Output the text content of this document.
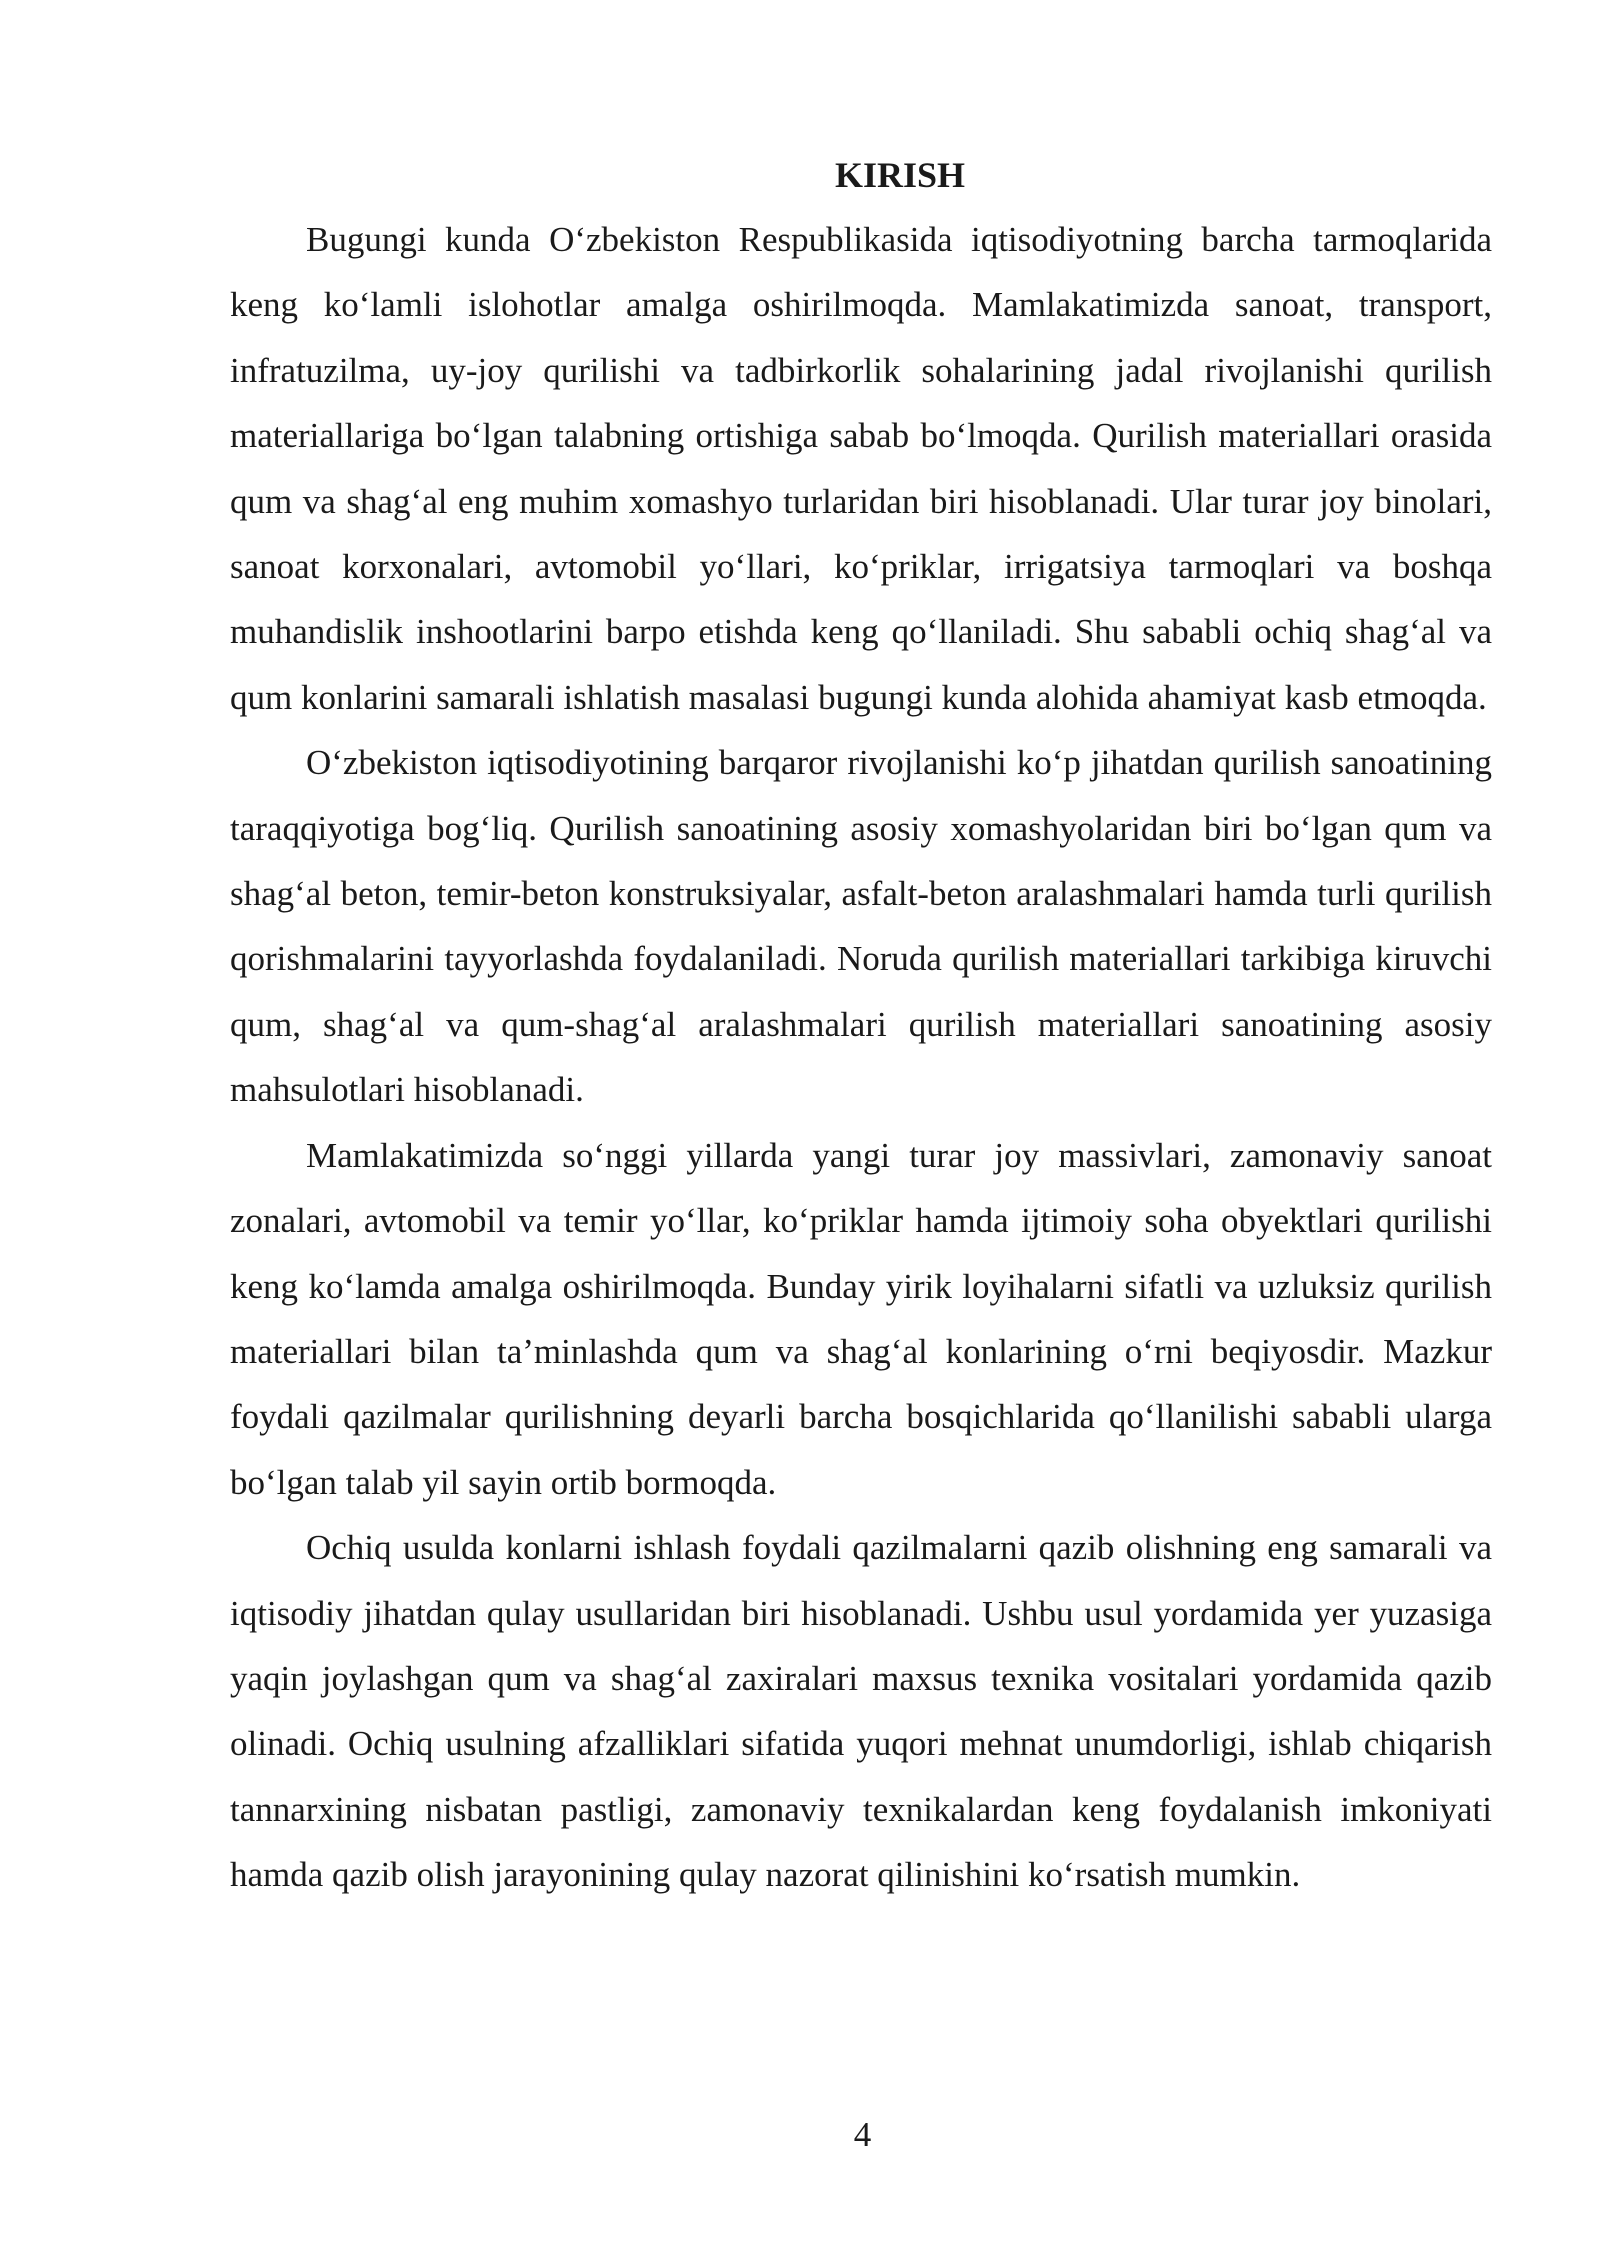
KIRISH

Bugungi kunda O‘zbekiston Respublikasida iqtisodiyotning barcha tarmoqlarida keng ko‘lamli islohotlar amalga oshirilmoqda. Mamlakatimizda sanoat, transport, infratuzilma, uy-joy qurilishi va tadbirkorlik sohalarining jadal rivojlanishi qurilish materiallariga bo‘lgan talabning ortishiga sabab bo‘lmoqda. Qurilish materiallari orasida qum va shag‘al eng muhim xomashyo turlaridan biri hisoblanadi. Ular turar joy binolari, sanoat korxonalari, avtomobil yo‘llari, ko‘priklar, irrigatsiya tarmoqlari va boshqa muhandislik inshootlarini barpo etishda keng qo‘llaniladi. Shu sababli ochiq shag‘al va qum konlarini samarali ishlatish masalasi bugungi kunda alohida ahamiyat kasb etmoqda.

O‘zbekiston iqtisodiyotining barqaror rivojlanishi ko‘p jihatdan qurilish sanoatining taraqqiyotiga bog‘liq. Qurilish sanoatining asosiy xomashyolaridan biri bo‘lgan qum va shag‘al beton, temir-beton konstruksiyalar, asfalt-beton aralashmalari hamda turli qurilish qorishmalarini tayyorlashda foydalaniladi. Noruda qurilish materiallari tarkibiga kiruvchi qum, shag‘al va qum-shag‘al aralashmalari qurilish materiallari sanoatining asosiy mahsulotlari hisoblanadi.

Mamlakatimizda so‘nggi yillarda yangi turar joy massivlari, zamonaviy sanoat zonalari, avtomobil va temir yo‘llar, ko‘priklar hamda ijtimoiy soha obyektlari qurilishi keng ko‘lamda amalga oshirilmoqda. Bunday yirik loyihalarni sifatli va uzluksiz qurilish materiallari bilan ta’minlashda qum va shag‘al konlarining o‘rni beqiyosdir. Mazkur foydali qazilmalar qurilishning deyarli barcha bosqichlarida qo‘llanilishi sababli ularga bo‘lgan talab yil sayin ortib bormoqda.

Ochiq usulda konlarni ishlash foydali qazilmalarni qazib olishning eng samarali va iqtisodiy jihatdan qulay usullaridan biri hisoblanadi. Ushbu usul yordamida yer yuzasiga yaqin joylashgan qum va shag‘al zaxiralari maxsus texnika vositalari yordamida qazib olinadi. Ochiq usulning afzalliklari sifatida yuqori mehnat unumdorligi, ishlab chiqarish tannarxining nisbatan pastligi, zamonaviy texnikalardan keng foydalanish imkoniyati hamda qazib olish jarayonining qulay nazorat qilinishini ko‘rsatish mumkin.

4
